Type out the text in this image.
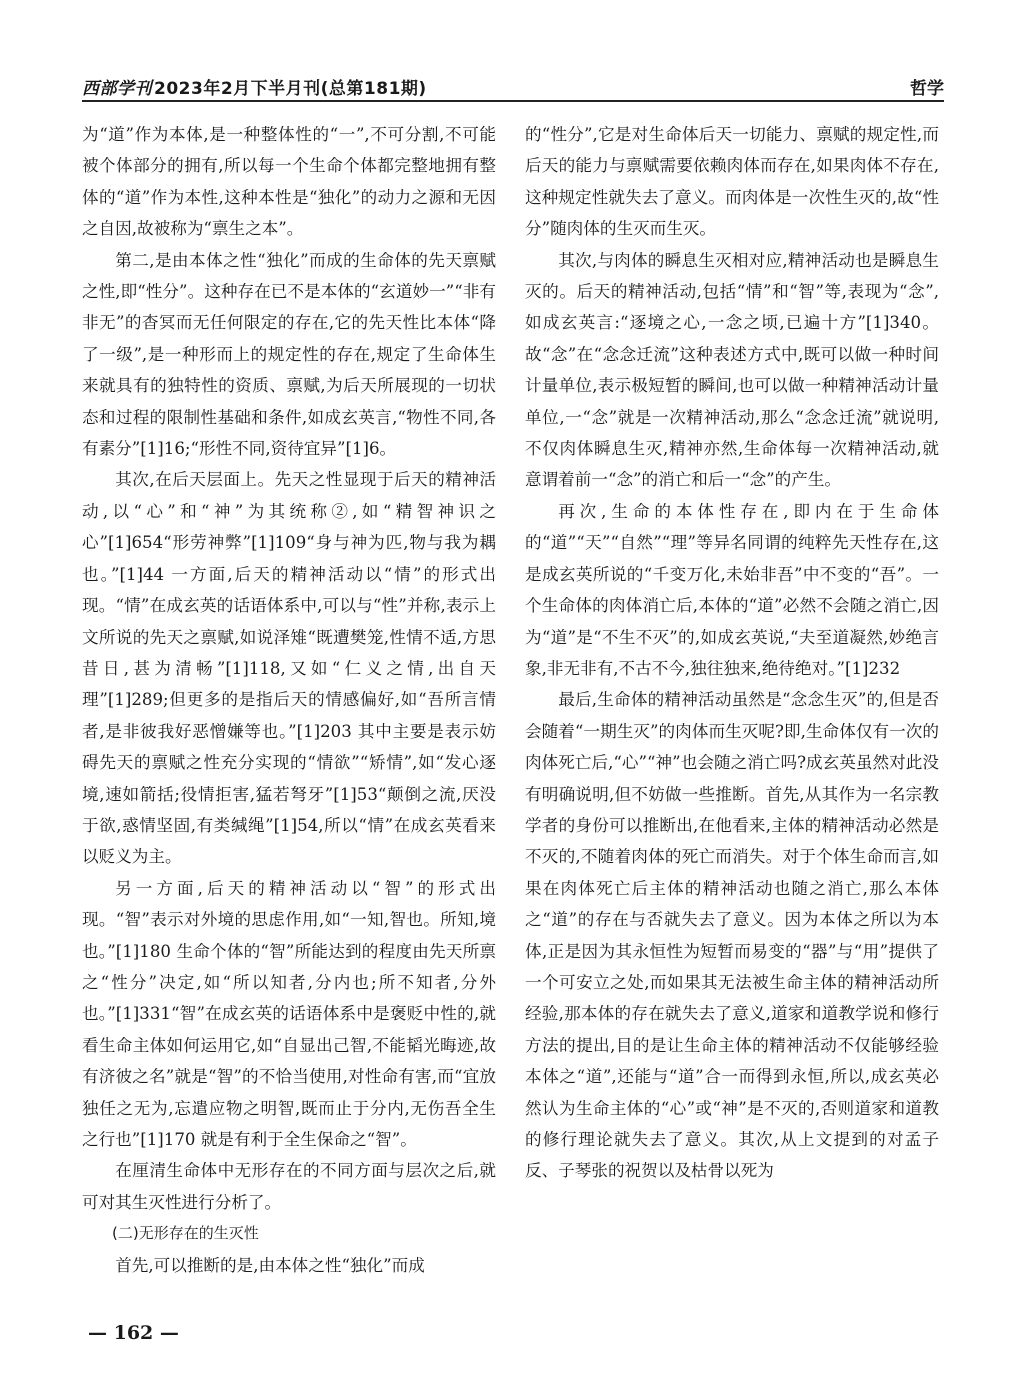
西部学刊 2023年2月下半月刊(总第181期)	哲学

为“道”作为本体,是一种整体性的“一”,不可分割,不可能被个体部分的拥有,所以每一个生命个体都完整地拥有整体的“道”作为本性,这种本性是“独化”的动力之源和无因之自因,故被称为“禀生之本”。

第二,是由本体之性“独化”而成的生命体的先天禀赋之性,即“性分”。这种存在已不是本体的“玄道妙一”“非有非无”的杳冥而无任何限定的存在,它的先天性比本体“降了一级”,是一种形而上的规定性的存在,规定了生命体生来就具有的独特性的资质、禀赋,为后天所展现的一切状态和过程的限制性基础和条件,如成玄英言,“物性不同,各有素分”[1]16;“形性不同,资待宜异”[1]6。

其次,在后天层面上。先天之性显现于后天的精神活动,以“心”和“神”为其统称②,如“精智神识之心”[1]654“形劳神弊”[1]109“身与神为匹,物与我为耦也。”[1]44 一方面,后天的精神活动以“情”的形式出现。“情”在成玄英的话语体系中,可以与“性”并称,表示上文所说的先天之禀赋,如说泽雉“既遭樊笼,性情不适,方思昔日,甚为清畅”[1]118,又如“仁义之情,出自天理”[1]289;但更多的是指后天的情感偏好,如“吾所言情者,是非彼我好恶憎嫌等也。”[1]203 其中主要是表示妨碍先天的禀赋之性充分实现的“情欲”“矫情”,如“发心逐境,速如箭括;役情拒害,猛若弩牙”[1]53“颠倒之流,厌没于欲,惑情坚固,有类缄绳”[1]54,所以“情”在成玄英看来以贬义为主。

另一方面,后天的精神活动以“智”的形式出现。“智”表示对外境的思虑作用,如“一知,智也。所知,境也。”[1]180 生命个体的“智”所能达到的程度由先天所禀之“性分”决定,如“所以知者,分内也;所不知者,分外也。”[1]331“智”在成玄英的话语体系中是褒贬中性的,就看生命主体如何运用它,如“自显出己智,不能韬光晦迹,故有济彼之名”就是“智”的不恰当使用,对性命有害,而“宜放独任之无为,忘遣应物之明智,既而止于分内,无伤吾全生之行也”[1]170 就是有利于全生保命之“智”。

在厘清生命体中无形存在的不同方面与层次之后,就可对其生灭性进行分析了。

(二)无形存在的生灭性

首先,可以推断的是,由本体之性“独化”而成

的“性分”,它是对生命体后天一切能力、禀赋的规定性,而后天的能力与禀赋需要依赖肉体而存在,如果肉体不存在,这种规定性就失去了意义。而肉体是一次性生灭的,故“性分”随肉体的生灭而生灭。

其次,与肉体的瞬息生灭相对应,精神活动也是瞬息生灭的。后天的精神活动,包括“情”和“智”等,表现为“念”,如成玄英言:“逐境之心,一念之顷,已遍十方”[1]340。故“念”在“念念迁流”这种表述方式中,既可以做一种时间计量单位,表示极短暂的瞬间,也可以做一种精神活动计量单位,一“念”就是一次精神活动,那么“念念迁流”就说明,不仅肉体瞬息生灭,精神亦然,生命体每一次精神活动,就意谓着前一“念”的消亡和后一“念”的产生。

再次,生命的本体性存在,即内在于生命体的“道”“天”“自然”“理”等异名同谓的纯粹先天性存在,这是成玄英所说的“千变万化,未始非吾”中不变的“吾”。一个生命体的肉体消亡后,本体的“道”必然不会随之消亡,因为“道”是“不生不灭”的,如成玄英说,“夫至道凝然,妙绝言象,非无非有,不古不今,独往独来,绝待绝对。”[1]232

最后,生命体的精神活动虽然是“念念生灭”的,但是否会随着“一期生灭”的肉体而生灭呢?即,生命体仅有一次的肉体死亡后,“心”“神”也会随之消亡吗?成玄英虽然对此没有明确说明,但不妨做一些推断。首先,从其作为一名宗教学者的身份可以推断出,在他看来,主体的精神活动必然是不灭的,不随着肉体的死亡而消失。对于个体生命而言,如果在肉体死亡后主体的精神活动也随之消亡,那么本体之“道”的存在与否就失去了意义。因为本体之所以为本体,正是因为其永恒性为短暂而易变的“器”与“用”提供了一个可安立之处,而如果其无法被生命主体的精神活动所经验,那本体的存在就失去了意义,道家和道教学说和修行方法的提出,目的是让生命主体的精神活动不仅能够经验本体之“道”,还能与“道”合一而得到永恒,所以,成玄英必然认为生命主体的“心”或“神”是不灭的,否则道家和道教的修行理论就失去了意义。其次,从上文提到的对孟子反、子琴张的祝贺以及枯骨以死为

— 162 —
